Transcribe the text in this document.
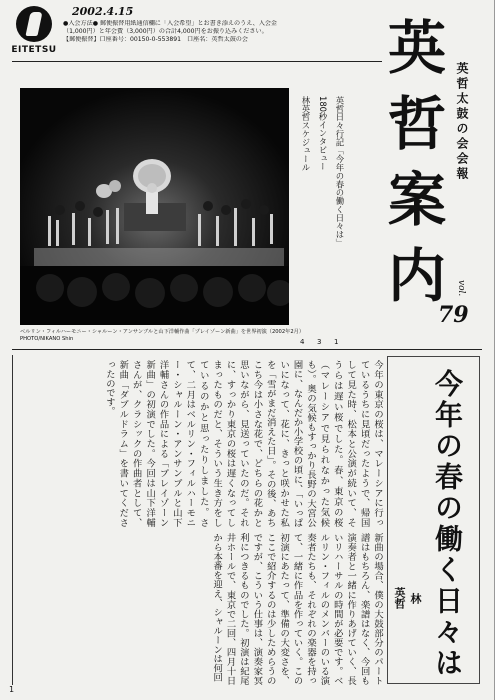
EITETSU
2002.4.15
●入会方法● 郵便振替用紙通信欄に「入会希望」とお書き添えのうえ、入会金
（1,000円）と年会費（3,000円）の合計4,000円をお振り込みください。
【郵便振替】口座番号：00150-0-553891　口座名：英哲太鼓の会	英
哲
案
内
英哲太鼓の会会報
vol.
79
ベルリン・フィルハーモニー・シャルーン・アンサンブルと山下洋輔作曲「プレイゾーン新曲」を世界初演（2002年2月）　PHOTO/NIKANO Shin
英哲日々行記「今年の春の働く日々は」
1
180秒インタビュー
3
林英哲スケジュール
4
今年の春の働く日々は
林　英哲
今年の東京の桜は、マレーシアに行っているうちに見頃だったようで、帰国して見た時、松本と公演が続いて、そうらは遅い桜でした。春、東京の桜（マレーシアで見られなかった気候も）。奥の気候もすっかり長野の大宮公園に、なんだか小学校の頃に、「いっぱいになって、花に、きっと咲かせた私を「雪がまだ消えた日」。その後、あちこち今は小さな花で、どちらの花かと思いながら、見送っていたのだ。それに、すっかり東京の桜は遅くなってしまったものだと、そういう生き方をしているのかと思ったりしました。さて、二月はベルリン・フィルハーモニー・シャルーン・アンサンブルと山下洋輔さんの作品による「プレイゾーン新曲」の初演でした。今回は山下洋輔さんが、クラシックの作曲者として、新曲「ダブルドラム」を書いてくださったのです。
新曲の場合、僕の大鼓部分のパート譜はもちろん、楽譜はなく、今回も演奏者と一緒に作りあげていく、長いリハーサルの時間が必要です。ベルリン・フィルのメンバーのいる演奏者たちも、それぞれの楽器を持って、一緒に作品を作っていく。この初演にあたって、準備の大変さを、ここで紹介するのは少しためらうのですが、こういう仕事は、演奏家冥利につきるものでした。初演は紀尾井ホールで、東京で二回、四月十日から本番を迎え、シャルーンは何回
1
